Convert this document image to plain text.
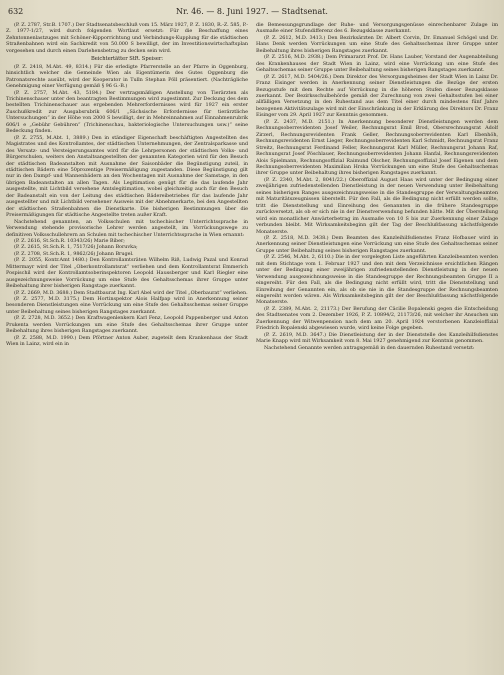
632	Nr. 46. — 8. Juni 1927. — Stadtsenat.

(P. Z. 2787, Str.B. 1707.) Der Stadtsenatsbeschluß vom 15. März 1927, P. Z. 1830, R.-Z. 585, P.-Z. 1977-1/27, wird durch folgenden Wortlaut ersetzt: Für die Beschaffung eines Zehntonnenlastzuges mit Schöner-Kipporrichtung und Verbindungs-Kupplung für die städtischen Straßenbahnen wird ein Sachkredit von 50.000 S bewilligt, der im Investitionswirtschaftsplan vorgesehen und durch einen Darlehensbetrag zu decken sein wird.

Beichtertätter StR. Speiser:

(P. Z. 2418, M.Abt. 49, 8314.) Für die erledigte Pfarrerstelle an der Pfarre in Oggenburg, hinsichtlich welcher die Gemeinde Wien als Eigentümerin des Gutes Oggenburg die Patronatsrechte ausübt, wird der Kooperator in Tulln Stephan Pöll präsentiert. (Nachträgliche Genehmigung einer Verfügung gemäß § 96 G.-B.)

(P. Z. 2757, M.Abt. 43, 5184.) Der vertragsmäßigen Anstellung von Tierärzten als Trichinenschauer unter den beantragten Bestimmungen wird zugestimmt. Zur Deckung des dem bestellten Trichinenschauer aus ergebenden Mehrerfordernisses wird für 1927 ein erster Zuschußkredit zur Ausgabsrubrik 606/1 „Sächsische Erfordernisse für tierärztliche Untersuchungen“ in der Höhe von 2000 S bewilligt, der in Mehreinnahmen auf Einnahmenrubrik 606/1 e „Gebühr Gebühren“ (Trichinenschau, bakteriologische Untersuchungen usw.)“ seine Bedeckung finden.

(P. Z. 2755, M.Abt. 1, 3889.) Den in ständiger Eigenschaft beschäftigten Angestellten des Magistrates und des Kontrollamtes, der städtischen Unternehmungen, der Zentralsparkasse und des Versatz- und Versteigerungsamtes wird für die Lehrpersonen der städtischen Volks- und Bürgerschulen, weiters den Anstaltsangestellten der genannten Kategorien wird für den Besuch der städtischen Badeanstalten mit Ausnahme der Saisonbäder die Begünstigung zuteil, in städtischen Bädern eine 50prozentige Preisermäßigung zugestanden. Diese Begünstigung gilt nur in den Dampf- und Wannenbädern an den Wochentagen mit Ausnahme der Samstage, in den übrigen Badeanstalten an allen Tagen. Als Legitimation genügt für die das laufende Jahr ausgestellte, mit Lichtbild versehene Amtslegitimation, wobei gleichzeitig auch für den Besuch der Badeanstalt ein von der Leitung des städtischen Bädereibetriebes für das laufende Jahr ausgestellter und mit Lichtbild versehener Ausweis mit der Abnehmerkarte, bei den Angestellten der städtischen Straßenbahnen die Dienstkarte. Die bisherigen Bestimmungen über die Preisermäßigungen für städtische Angestellte treten außer Kraft.

Nachstehend genannten, an Volksschulen mit tschechischer Unterrichtssprache in Verwendung stehende provisorische Lehrer werden angestellt, im Vorrückungswege zu definitiven Volksschullehrern an Schulen mit tschechischer Unterrichtssprache in Wien ernannt:

(P. Z. 2616, St.Sch.R. 10343/26) Marie Biber;

(P. Z. 2615, St.Sch.R. 1, 7517/26) Johann Boruvka;

(P. Z. 2708, St.Sch.R. 1, 9862/26) Johann Brugel.

(P. Z. 2055, Kontr.Amt 1480.) Den Kontrollamtsräten Wilhelm Riß, Ludwig Pazal und Konrad Mittermayr wird der Titel „Oberkontrollamtsrat“ verliehen und dem Kontrollamtsrat Emmerich Pospischil wird der Kontrollamtsoberinspektoren Leopold Haussberger und Karl Riegler eine ausgezeichnungsweise Vorrückung um eine Stufe des Gehaltsschemas ihrer Gruppe unter Beibehaltung ihrer bisherigen Rangstage zuerkannt.

(P. Z. 2669, M.D. 3688.) Dem Stadtbaurat Ing. Karl Abel wird der Titel „Oberbaurat“ verliehen.

(P. Z. 2577, M.D. 3175.) Dem Hortinspektor Alois Halfpap wird in Anerkennung seiner besonderen Dienstleistungen eine Vorrückung um eine Stufe des Gehaltsschemas seiner Gruppe unter Beibehaltung seines bisherigen Rangstages zuerkannt.

(P. Z. 2728, M.D. 3652.) Den Kraftwagenlenkern Karl Fenz, Leopold Pappenberger und Anton Prukenta werden Vorrückungen um eine Stufe des Gehaltsschemas ihrer Gruppe unter Beibehaltung ihres bisherigen Rangstages zuerkannt.

(P. Z. 2588, M.D. 1990.) Dem Pförtner Anton Auber, zugeteilt dem Krankenhaus der Stadt Wien in Lainz, wird ein in

die Bemessungsgrundlage der Ruhe- und Versorgungsgenüsse einrechenbarer Zulage im Ausmaße einer Stufendifferenz des 6. Bezugsklasse zuerkannt.

(P. Z. 2612, M.D. 3413.) Den Bezirksärzten Dr. Albert Corvin, Dr. Emanuel Schögel und Dr. Hans Denk werden Vorrückungen um eine Stufe des Gehaltsschemas ihrer Gruppe unter Beibehaltung ihres bisherigen Rangstages zuerkannt.

(P. Z. 2516, M.D. 2938.) Dem Primararzt Prof. Dr. Hans Lauber, Vorstand der Augenabteilung des Krankenhauses der Stadt Wien in Lainz, wird eine Vorrückung um eine Stufe des Gehaltsschemas seiner Gruppe unter Beibehaltung seines bisherigen Rangstages zuerkannt.

(P. Z. 2617, M.D. 5404/26.) Dem Direktor des Versorgungsheimes der Stadt Wien in Lainz Dr. Franz Eisinger werden in Anerkennung seiner Dienstleistungen die Bezüge der ersten Bezugsstufe mit dem Rechte auf Vorrückung in die höheren Stufen dieser Bezugsklasse zuerkannt. Der Bezirksschulbehörde gemäß der Zurechnung von zwei Gehaltsstufen bei einer allfälligen Versetzung in den Ruhestand aus dem Titel einer durch mindestens fünf Jahre bezogenen Aktivitätszulage wird mit der Einschränkung in der Erklärung des Direktors Dr. Franz Eisinger vom 29. April 1927 zur Kenntnis genommen.

(P. Z. 2437, M.D. 2151.) In Anerkennung besonderer Dienstleistungen werden dem Rechnungsoberrevidenten Josef Weiler, Rechnungsrat Emil Brod, Obersrechnungsrat Adolf Zirzerl, Rechnungsrevidenten Frank Geller, Rechnungsoberrevidenten Karl Ebenhöh, Rechnungsrevidenten Ernst Lieger, Rechnungsoberrevidenten Karl Schmidt, Rechnungsrat Franz Streitz, Rechnungsrat Ferdinand Feller, Rechnungsrat Karl Müller, Rechnungsrat Johann Raf, Rechnungsrat Josef Pöschlauer, Rechnungsoberrevidenten Johann Hanfal, Rechnungsrevidenten Alois Spielmann, Rechnungsoffizial Raimund Olscher, Rechnungsoffizial Josef Eigenen und dem Rechnungsoberrevidenten Maximilian Hrska Vorrückungen um eine Stufe des Gehaltsschemas ihrer Gruppe unter Beibehaltung ihres bisherigen Rangstages zuerkannt.

(P. Z. 2340, M.Abt. 2, 8041/22.) Oberoffizial August Haas wird unter der Bedingung einer zweijährigen zufriedenstellenden Dienstleistung in der neuen Verwendung unter Beibehaltung seines bisherigen Ranges ausgezeichnungsweise in die Standesgruppe der Verwaltungsbeamten mit Maturitätszeugnissen überstellt. Für den Fall, als die Bedingung nicht erfüllt werden sollte, tritt die Dienststellung und Einreihung des Genannten in die frühere Standesgruppe zurückversetzt, als ob er sich nie in der Dienstverwendung befunden hätte. Mit der Überstellung wird ein monatlicher Anwärterbetrag im Ausmaße von 10 S bis zur Zuerkennung einer Zulage verbunden bleibt. Mit Wirksamkeitsbeginn gilt der Tag der Beschlußfassung nächstfolgende Monatserste.

(P. Z. 2518, M.D. 3438.) Dem Beamten des Kanzleihilfsdienstes Franz Hofbauer wird in Anerkennung seiner Dienstleistungen eine Vorrückung um eine Stufe des Gehaltsschemas seiner Gruppe unter Beibehaltung seines bisherigen Rangstages zuerkannt.

(P. Z. 2546, M.Abt. 2, 6110.) Die in der vorgelegten Liste angeführten Kanzleibeamten werden mit dem Stichtage vom 1. Februar 1927 und den mit dem Verzeichnisse ersichtlichen Rängen unter der Bedingung einer zweijährigen zufriedenstellenden Dienstleistung in der neuen Verwendung ausgezeichnungsweise in die Standesgruppe der Rechnungsbeamten Gruppe II a eingereiht. Für den Fall, als die Bedingung nicht erfüllt wird, tritt die Dienststellung und Einreihung der Genannten ein, als ob sie nie in die Standesgruppe der Rechnungsbeamten eingereiht worden wären. Als Wirksamkeitsbeginn gilt der der Beschlußfassung nächstfolgende Monatserste.

(P. Z. 2389, M.Abt. 2, 21173.) Der Berufung der Cäcilie Bopalenski gegen die Entscheidung des Stadtsenates vom 2. Dezember 1926, P. Z. 10894/2, 21173/26, mit welcher ihr Ansuchen um Zuerkennung der Witwenpension nach dem am 20. April 1924 verstorbenen Kanzleioffizial Friedrich Bopalenski abgewiesen wurde, wird keine Folge gegeben.

(P. Z. 2619, M.D. 3647.) Die Dienstleistung der in der Dienststelle des Kanzleihilfsdienstes Marie Knapp wird mit Wirksamkeit vom 8. Mai 1927 genehmigend zur Kenntnis genommen.

Nachstehend Genannte werden antragsgemäß in den dauernden Ruhestand versetzt:
